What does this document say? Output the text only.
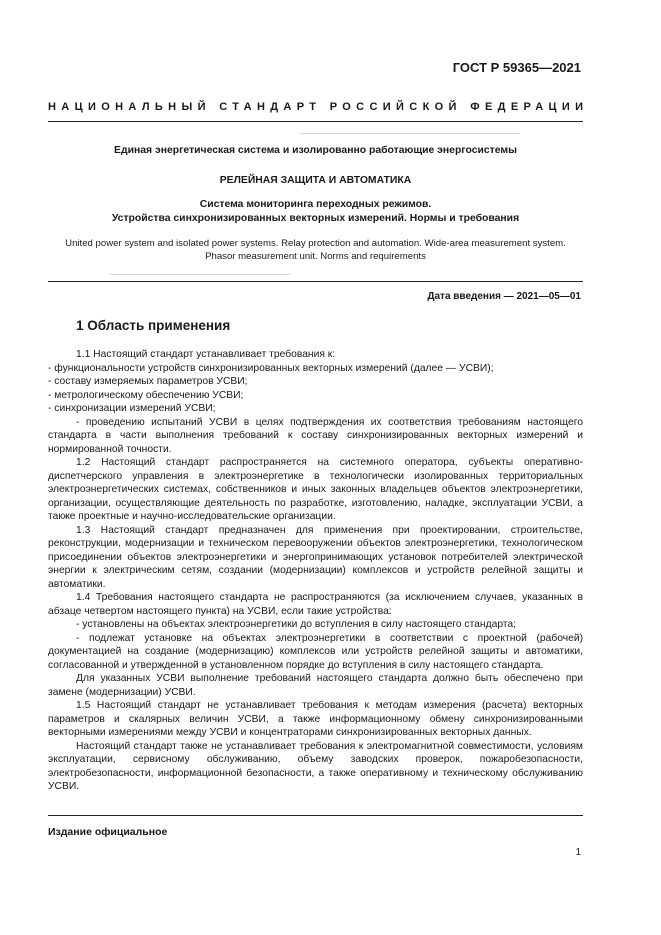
ГОСТ Р 59365—2021
НАЦИОНАЛЬНЫЙ СТАНДАРТ РОССИЙСКОЙ ФЕДЕРАЦИИ
Единая энергетическая система и изолированно работающие энергосистемы
РЕЛЕЙНАЯ ЗАЩИТА И АВТОМАТИКА
Система мониторинга переходных режимов.
Устройства синхронизированных векторных измерений. Нормы и требования
United power system and isolated power systems. Relay protection and automation. Wide-area measurement system.
Phasor measurement unit. Norms and requirements
Дата введения — 2021—05—01
1 Область применения

1.1 Настоящий стандарт устанавливает требования к:

- функциональности устройств синхронизированных векторных измерений (далее — УСВИ);

- составу измеряемых параметров УСВИ;

- метрологическому обеспечению УСВИ;

- синхронизации измерений УСВИ;

- проведению испытаний УСВИ в целях подтверждения их соответствия требованиям настоящего стандарта в части выполнения требований к составу синхронизированных векторных измерений и нормированной точности.

1.2 Настоящий стандарт распространяется на системного оператора, субъекты оперативно-диспетчерского управления в электроэнергетике в технологически изолированных территориальных электроэнергетических системах, собственников и иных законных владельцев объектов электроэнергетики, организации, осуществляющие деятельность по разработке, изготовлению, наладке, эксплуатации УСВИ, а также проектные и научно-исследовательские организации.

1.3 Настоящий стандарт предназначен для применения при проектировании, строительстве, реконструкции, модернизации и техническом перевооружении объектов электроэнергетики, технологическом присоединении объектов электроэнергетики и энергопринимающих установок потребителей электрической энергии к электрическим сетям, создании (модернизации) комплексов и устройств релейной защиты и автоматики.

1.4 Требования настоящего стандарта не распространяются (за исключением случаев, указанных в абзаце четвертом настоящего пункта) на УСВИ, если такие устройства:

- установлены на объектах электроэнергетики до вступления в силу настоящего стандарта;

- подлежат установке на объектах электроэнергетики в соответствии с проектной (рабочей) документацией на создание (модернизацию) комплексов или устройств релейной защиты и автоматики, согласованной и утвержденной в установленном порядке до вступления в силу настоящего стандарта.

Для указанных УСВИ выполнение требований настоящего стандарта должно быть обеспечено при замене (модернизации) УСВИ.

1.5 Настоящий стандарт не устанавливает требования к методам измерения (расчета) векторных параметров и скалярных величин УСВИ, а также информационному обмену синхронизированными векторными измерениями между УСВИ и концентраторами синхронизированных векторных данных.

Настоящий стандарт также не устанавливает требования к электромагнитной совместимости, условиям эксплуатации, сервисному обслуживанию, объему заводских проверок, пожаробезопасности, электробезопасности, информационной безопасности, а также оперативному и техническому обслуживанию УСВИ.

Издание официальное
1
